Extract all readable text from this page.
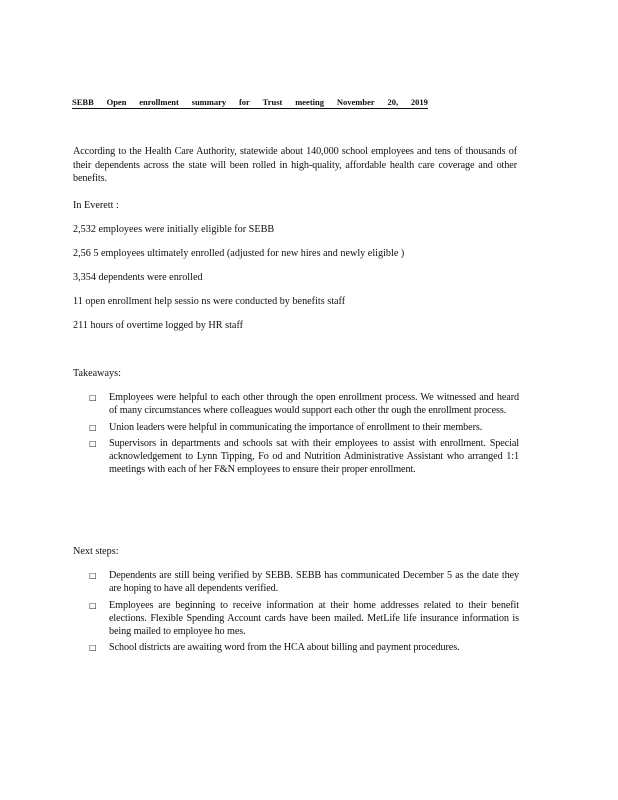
SEBB Open enrollment summary for Trust meeting November 20, 2019
According to the Health Care Authority, statewide about 140,000 school employees and tens of thousands of their dependents across the state will been rolled in high-quality, affordable health care coverage and other benefits.
In Everett :
2,532 employees were initially eligible for SEBB
2,56 5 employees ultimately enrolled (adjusted for new hires and newly eligible )
3,354 dependents were enrolled
11 open enrollment help sessio ns were conducted by benefits staff
211 hours of overtime logged by HR staff
Takeaways:
□ Employees were helpful to each other through the open enrollment process. We witnessed and heard of many circumstances where colleagues would support each other thr ough the enrollment process.
□ Union leaders were helpful in communicating the importance of enrollment to their members.
□ Supervisors in departments and schools sat with their employees to assist with enrollment. Special acknowledgement to Lynn Tipping, Fo od and Nutrition Administrative Assistant who arranged 1:1 meetings with each of her F&N employees to ensure their proper enrollment.
Next steps:
□ Dependents are still being verified by SEBB. SEBB has communicated December 5 as the date they are hoping to have all dependents verified.
□ Employees are beginning to receive information at their home addresses related to their benefit elections. Flexible Spending Account cards have been mailed. MetLife life insurance information is being mailed to employee ho mes.
□ School districts are awaiting word from the HCA about billing and payment procedures.
